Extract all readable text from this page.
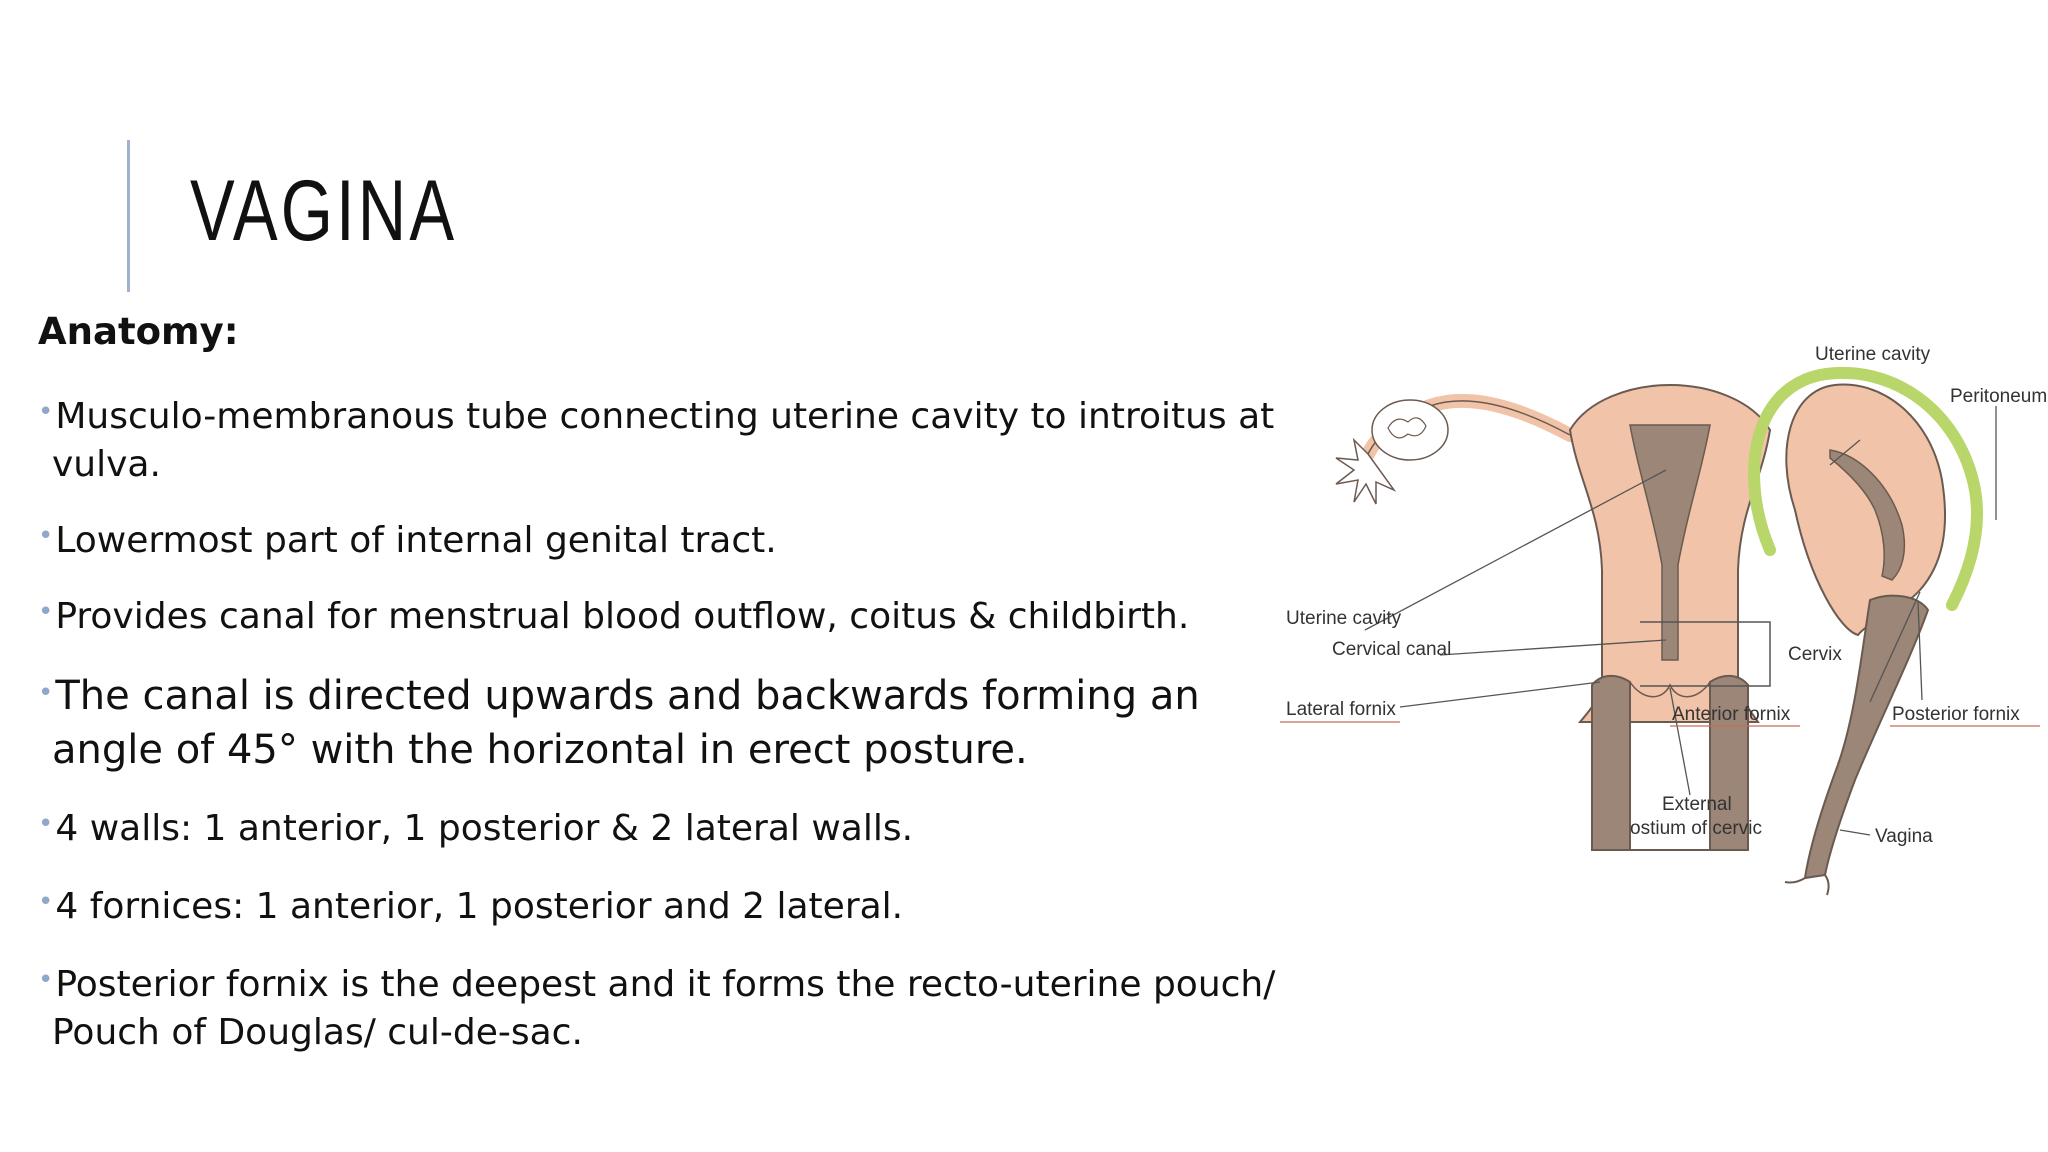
VAGINA
Anatomy:
•Musculo-membranous tube connecting uterine cavity to introitus at vulva.
•Lowermost part of internal genital tract.
•Provides canal for menstrual blood outflow, coitus & childbirth.
•The canal is directed upwards and backwards forming an angle of 45° with the horizontal in erect posture.
•4 walls: 1 anterior, 1 posterior & 2 lateral walls.
•4 fornices: 1 anterior, 1 posterior and 2 lateral.
•Posterior fornix is the deepest and it forms the recto-uterine pouch/ Pouch of Douglas/ cul-de-sac.
Uterine cavity
Cervical canal
Lateral fornix
Cervix
External
ostium of cervic
Uterine cavity
Peritoneum
Anterior fornix	Posterior fornix
Vagina
